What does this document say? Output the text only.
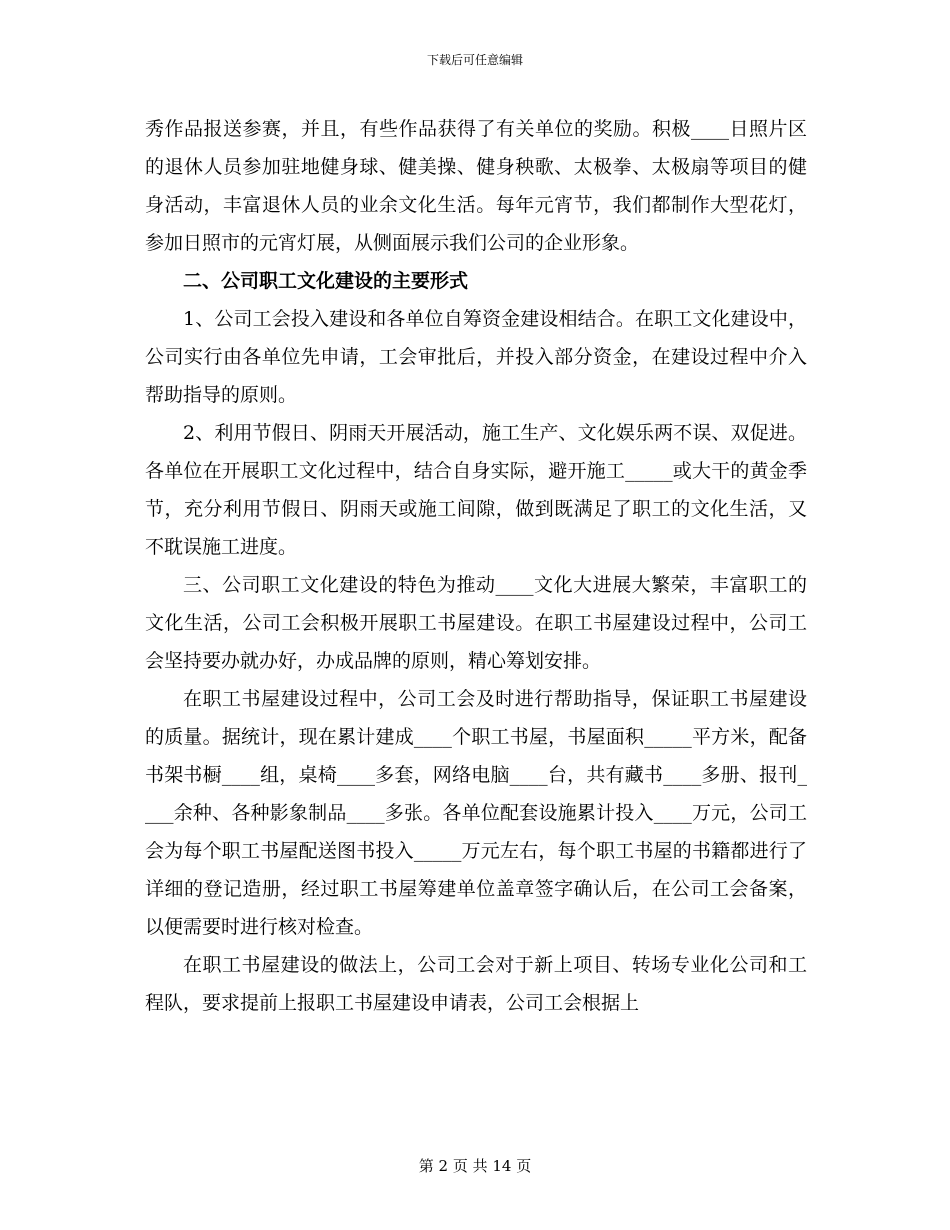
下载后可任意编辑

秀作品报送参赛，并且，有些作品获得了有关单位的奖励。积极____日照片区的退休人员参加驻地健身球、健美操、健身秧歌、太极拳、太极扇等项目的健身活动，丰富退休人员的业余文化生活。每年元宵节，我们都制作大型花灯，参加日照市的元宵灯展，从侧面展示我们公司的企业形象。

二、公司职工文化建设的主要形式

1、公司工会投入建设和各单位自筹资金建设相结合。在职工文化建设中，公司实行由各单位先申请，工会审批后，并投入部分资金，在建设过程中介入帮助指导的原则。

2、利用节假日、阴雨天开展活动，施工生产、文化娱乐两不误、双促进。各单位在开展职工文化过程中，结合自身实际，避开施工_____或大干的黄金季节，充分利用节假日、阴雨天或施工间隙，做到既满足了职工的文化生活，又不耽误施工进度。

三、公司职工文化建设的特色为推动____文化大进展大繁荣，丰富职工的文化生活，公司工会积极开展职工书屋建设。在职工书屋建设过程中，公司工会坚持要办就办好，办成品牌的原则，精心筹划安排。

在职工书屋建设过程中，公司工会及时进行帮助指导，保证职工书屋建设的质量。据统计，现在累计建成____个职工书屋，书屋面积_____平方米，配备书架书橱____组，桌椅____多套，网络电脑____台，共有藏书____多册、报刊____余种、各种影象制品____多张。各单位配套设施累计投入____万元，公司工会为每个职工书屋配送图书投入_____万元左右，每个职工书屋的书籍都进行了详细的登记造册，经过职工书屋筹建单位盖章签字确认后，在公司工会备案，以便需要时进行核对检查。

在职工书屋建设的做法上，公司工会对于新上项目、转场专业化公司和工程队，要求提前上报职工书屋建设申请表，公司工会根据上

第 2 页 共 14 页
